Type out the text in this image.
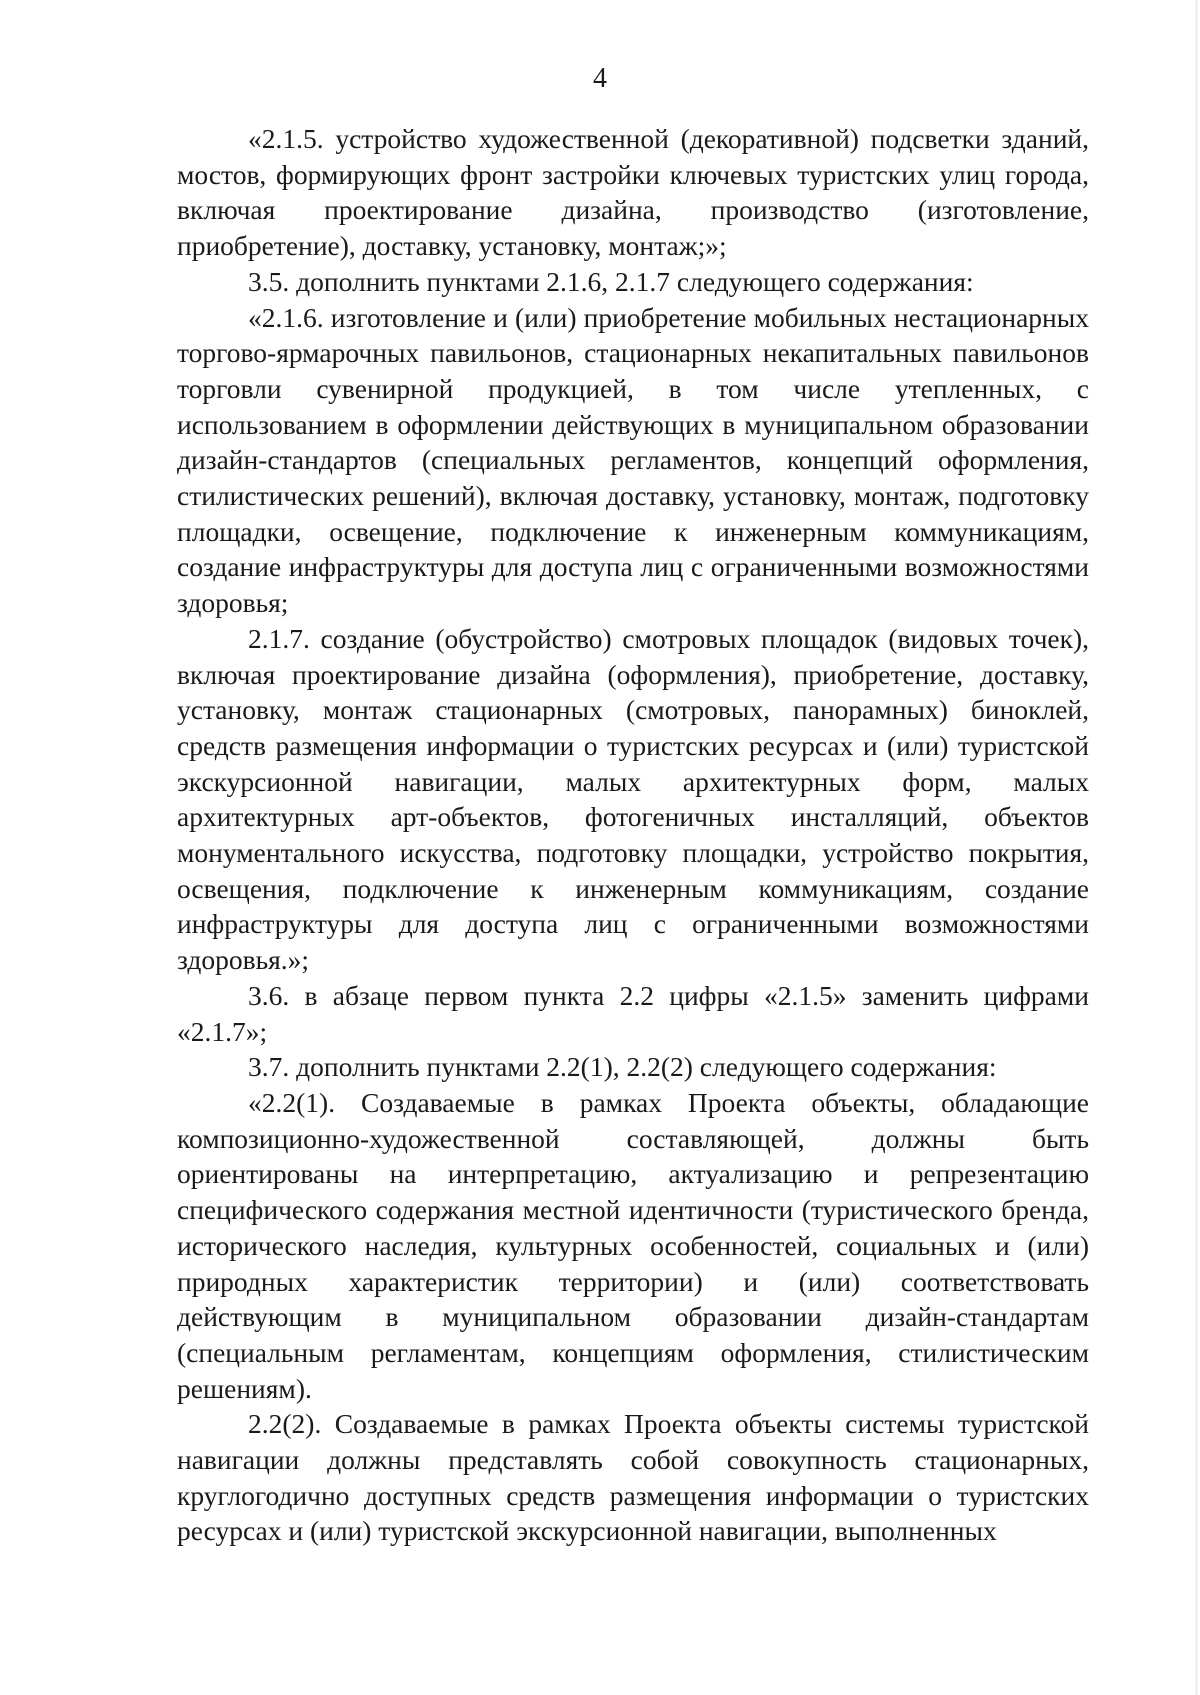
4

«2.1.5. устройство художественной (декоративной) подсветки зданий, мостов, формирующих фронт застройки ключевых туристских улиц города, включая проектирование дизайна, производство (изготовление, приобретение), доставку, установку, монтаж;»;

3.5. дополнить пунктами 2.1.6, 2.1.7 следующего содержания:

«2.1.6. изготовление и (или) приобретение мобильных нестационарных торгово-ярмарочных павильонов, стационарных некапитальных павильонов торговли сувенирной продукцией, в том числе утепленных, с использованием в оформлении действующих в муниципальном образовании дизайн-стандартов (специальных регламентов, концепций оформления, стилистических решений), включая доставку, установку, монтаж, подготовку площадки, освещение, подключение к инженерным коммуникациям, создание инфраструктуры для доступа лиц с ограниченными возможностями здоровья;

2.1.7. создание (обустройство) смотровых площадок (видовых точек), включая проектирование дизайна (оформления), приобретение, доставку, установку, монтаж стационарных (смотровых, панорамных) биноклей, средств размещения информации о туристских ресурсах и (или) туристской экскурсионной навигации, малых архитектурных форм, малых архитектурных арт-объектов, фотогеничных инсталляций, объектов монументального искусства, подготовку площадки, устройство покрытия, освещения, подключение к инженерным коммуникациям, создание инфраструктуры для доступа лиц с ограниченными возможностями здоровья.»;

3.6. в абзаце первом пункта 2.2 цифры «2.1.5» заменить цифрами «2.1.7»;

3.7. дополнить пунктами 2.2(1), 2.2(2) следующего содержания:

«2.2(1). Создаваемые в рамках Проекта объекты, обладающие композиционно-художественной составляющей, должны быть ориентированы на интерпретацию, актуализацию и репрезентацию специфического содержания местной идентичности (туристического бренда, исторического наследия, культурных особенностей, социальных и (или) природных характеристик территории) и (или) соответствовать действующим в муниципальном образовании дизайн-стандартам (специальным регламентам, концепциям оформления, стилистическим решениям).

2.2(2). Создаваемые в рамках Проекта объекты системы туристской навигации должны представлять собой совокупность стационарных, круглогодично доступных средств размещения информации о туристских ресурсах и (или) туристской экскурсионной навигации, выполненных
